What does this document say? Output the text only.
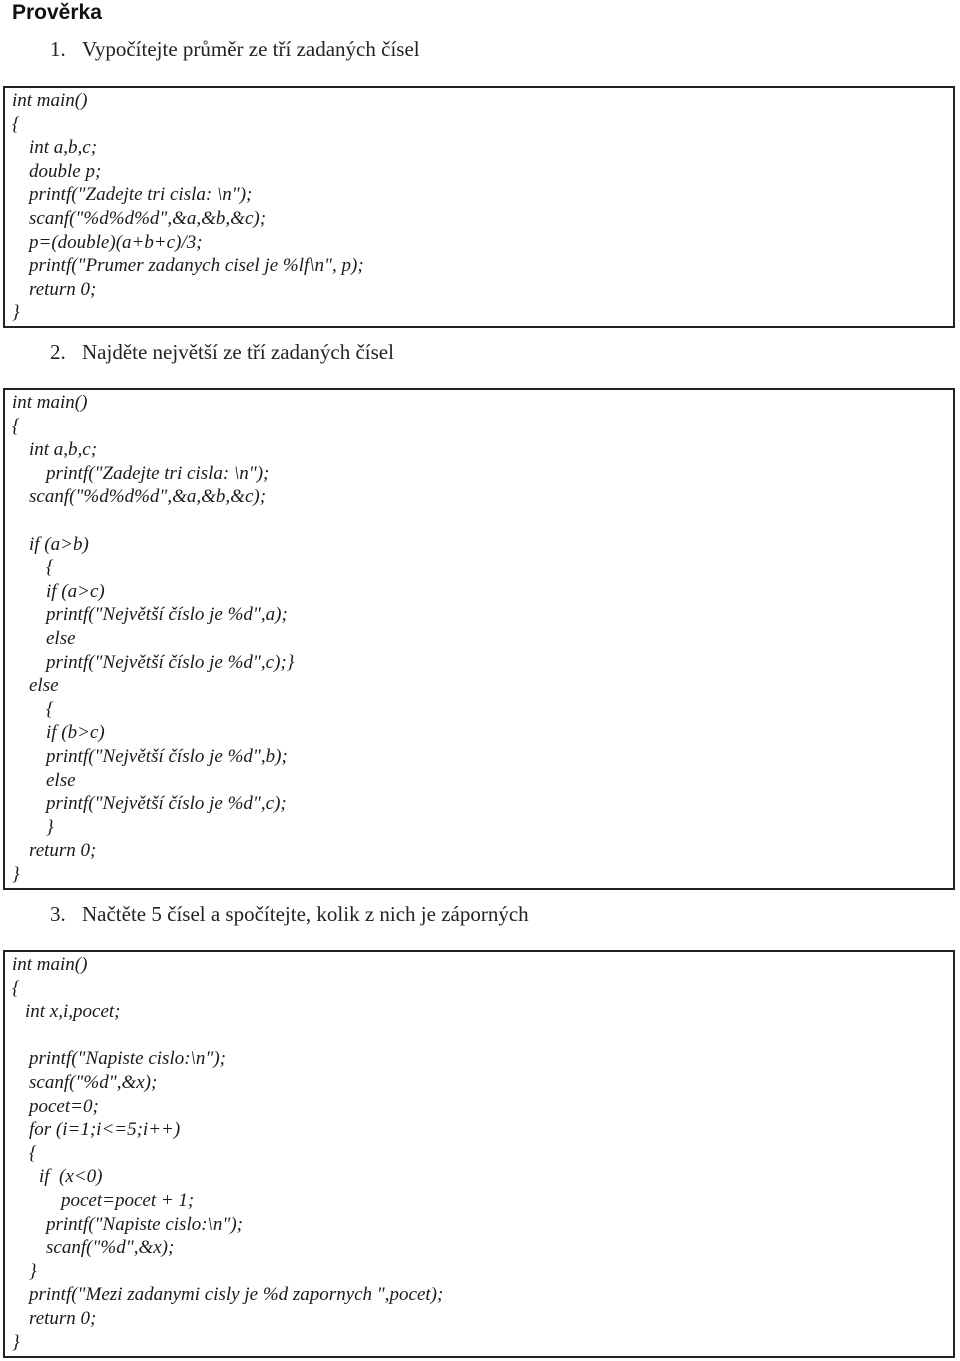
Prověrka
1. Vypočítejte průměr ze tří zadaných čísel
int main()
{
int a,b,c;
double p;
printf("Zadejte tri cisla: \n");
scanf("%d%d%d",&a,&b,&c);
p=(double)(a+b+c)/3;
printf("Prumer zadanych cisel je %lf\n", p);
return 0;
}
2. Najděte největší ze tří zadaných čísel
int main()
{
int a,b,c;
printf("Zadejte tri cisla: \n");
scanf("%d%d%d",&a,&b,&c);
if (a>b)
{
if (a>c)
printf("Největší číslo je %d",a);
else
printf("Největší číslo je %d",c);}
else
{
if (b>c)
printf("Největší číslo je %d",b);
else
printf("Největší číslo je %d",c);
}
return 0;
}
3. Načtěte 5 čísel a spočítejte, kolik z nich je záporných
int main()
{
int x,i,pocet;
printf("Napiste cislo:\n");
scanf("%d",&x);
pocet=0;
for (i=1;i<=5;i++)
{
if  (x<0)
pocet=pocet + 1;
printf("Napiste cislo:\n");
scanf("%d",&x);
}
printf("Mezi zadanymi cisly je %d zapornych ",pocet);
return 0;
}
